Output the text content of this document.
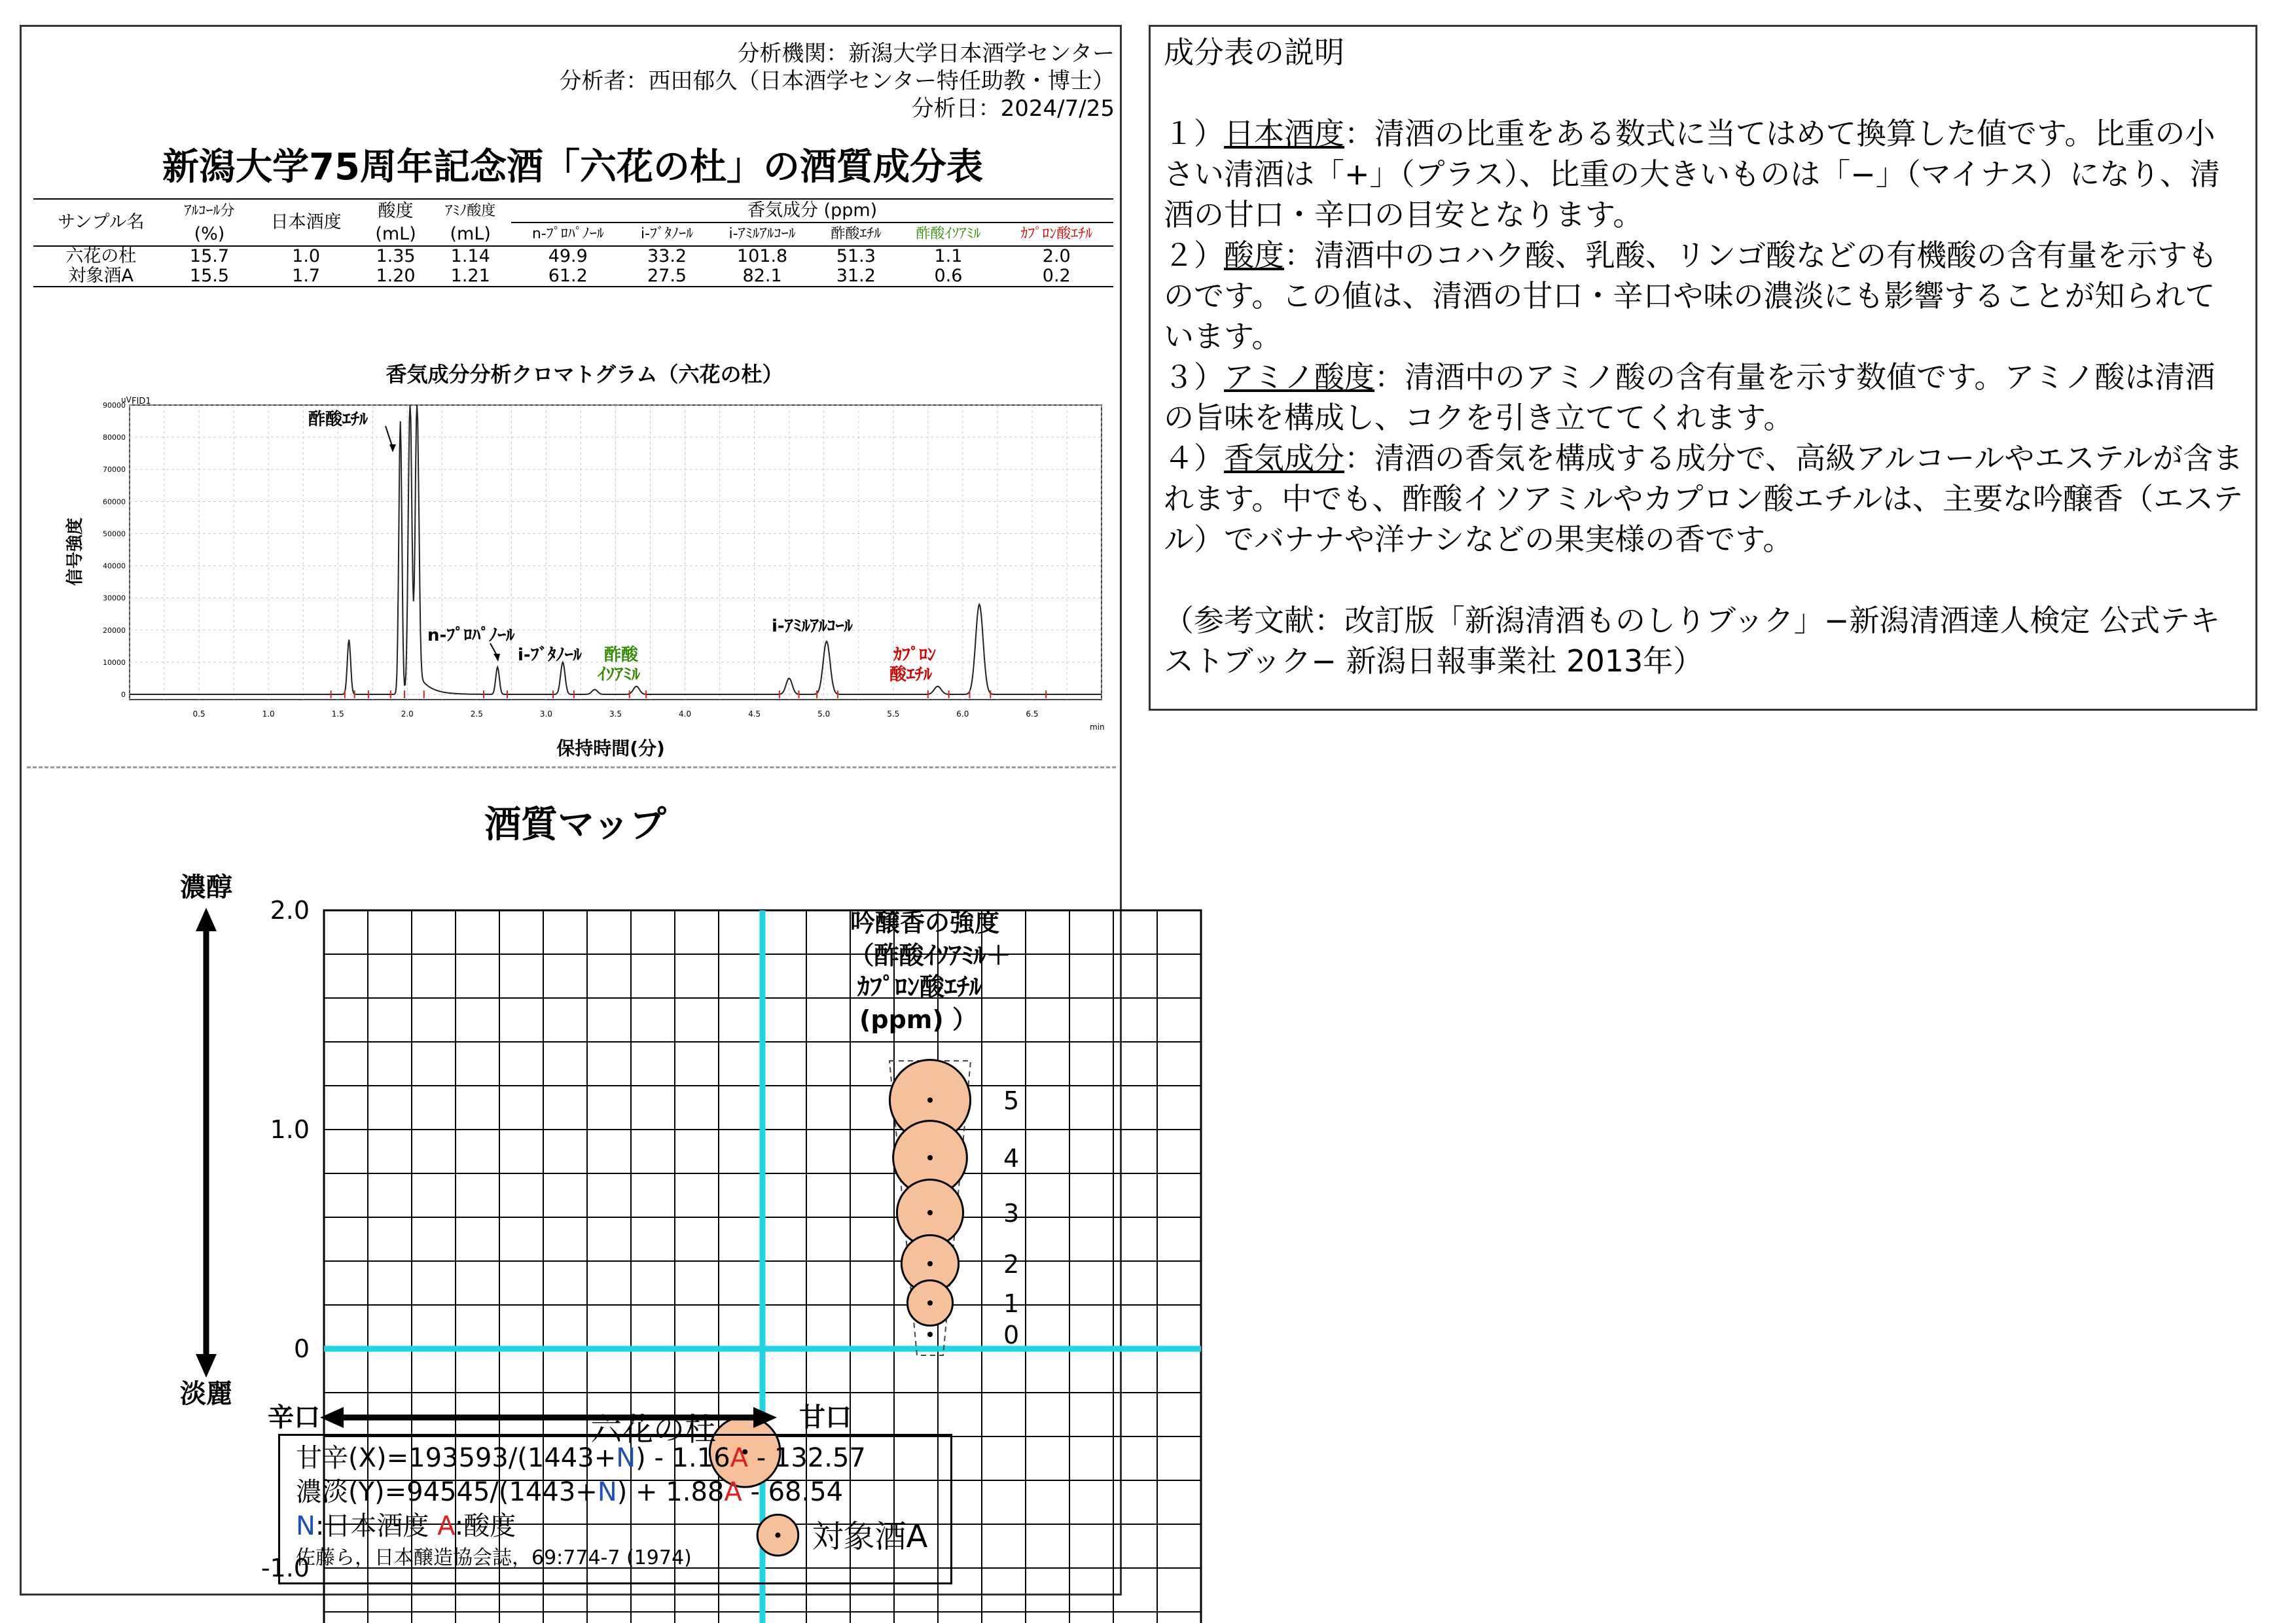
分析機関：新潟大学日本酒学センター
分析者：西田郁久（日本酒学センター特任助教・博士）
分析日：2024/7/25
新潟大学75周年記念酒「六花の杜」の酒質成分表
サンプル名	ｱﾙｺｰﾙ分	日本酒度	酸度	ｱﾐﾉ酸度	香気成分 (ppm)					
	(%)		(mL)	(mL)	n-ﾌﾟﾛﾊﾟﾉｰﾙ	i-ﾌﾞﾀﾉｰﾙ	i-ｱﾐﾙｱﾙｺｰﾙ	酢酸ｴﾁﾙ	酢酸ｲｿｱﾐﾙ	ｶﾌﾟﾛﾝ酸ｴﾁﾙ
六花の杜	15.7	1.0	1.35	1.14	49.9	33.2	101.8	51.3	1.1	2.0
対象酒A	15.5	1.7	1.20	1.21	61.2	27.5	82.1	31.2	0.6	0.2
香気成分分析クロマトグラム（六花の杜）
0
10000
20000
30000
40000
50000
60000
70000
80000
90000
0.5	1.0	1.5	2.0	2.5	3.0	3.5	4.0	4.5	5.0	5.5	6.0	6.5
FID1
uV
min
信号強度
保持時間(分)
酢酸ｴﾁﾙ
n-ﾌﾟﾛﾊﾟﾉｰﾙ
i-ﾌﾞﾀﾉｰﾙ 酢酸
ｲｿｱﾐﾙ
i-ｱﾐﾙｱﾙｺｰﾙ
ｶﾌﾟﾛﾝ
酸ｴﾁﾙ
酒質マップ
2.0
1.0
0
-1.0
六花の杜
対象酒A
濃醇
淡麗
辛口	甘口
吟醸香の強度
（酢酸ｲｿｱﾐﾙ＋
ｶﾌﾟﾛﾝ酸ｴﾁﾙ
(ppm) ）
5
4
3
2
1
0
甘辛(X)=193593/(1443+N) - 1.16A - 132.57
濃淡(Y)=94545/(1443+N) + 1.88A - 68.54
N:日本酒度 A:酸度
佐藤ら，日本醸造協会誌，69:774-7 (1974)

成分表の説明

１）日本酒度：清酒の比重をある数式に当てはめて換算した値です。比重の小さい清酒は「+」（プラス）、比重の大きいものは「−」（マイナス）になり、清酒の甘口・辛口の目安となります。

２）酸度：清酒中のコハク酸、乳酸、リンゴ酸などの有機酸の含有量を示すものです。この値は、清酒の甘口・辛口や味の濃淡にも影響することが知られています。

３）アミノ酸度：清酒中のアミノ酸の含有量を示す数値です。アミノ酸は清酒の旨味を構成し、コクを引き立ててくれます。

４）香気成分：清酒の香気を構成する成分で、高級アルコールやエステルが含まれます。中でも、酢酸イソアミルやカプロン酸エチルは、主要な吟醸香（エステル）でバナナや洋ナシなどの果実様の香です。

（参考文献：改訂版「新潟清酒ものしりブック」−新潟清酒達人検定 公式テキストブック− 新潟日報事業社 2013年）
